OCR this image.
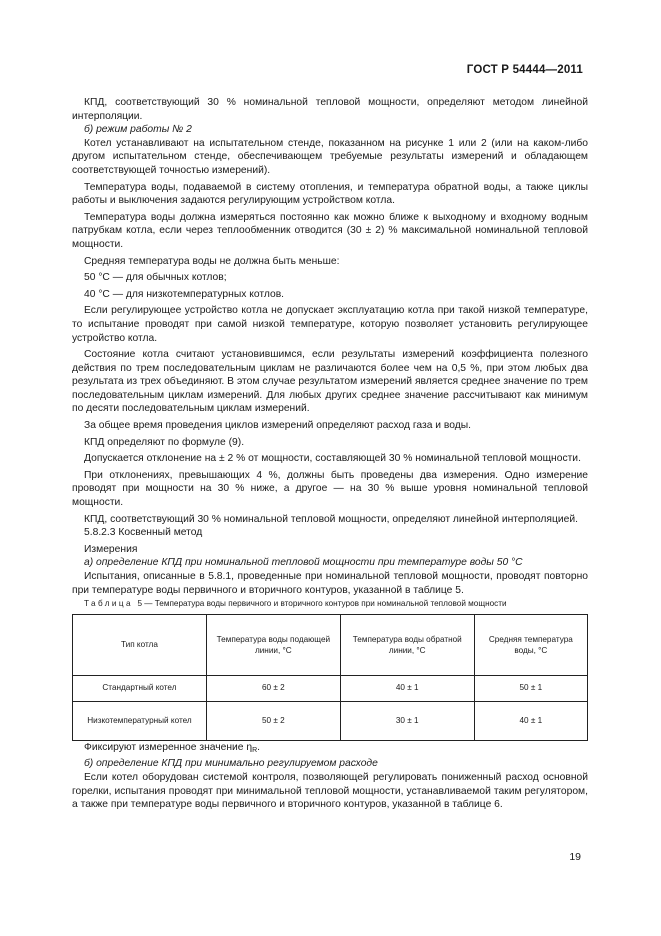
ГОСТ Р 54444—2011

КПД, соответствующий 30 % номинальной тепловой мощности, определяют методом линейной интерполяции.

б) режим работы № 2

Котел устанавливают на испытательном стенде, показанном на рисунке 1 или 2 (или на каком-либо другом испытательном стенде, обеспечивающем требуемые результаты измерений и обладающем соответствующей точностью измерений).

Температура воды, подаваемой в систему отопления, и температура обратной воды, а также циклы работы и выключения задаются регулирующим устройством котла.

Температура воды должна измеряться постоянно как можно ближе к выходному и входному водным патрубкам котла, если через теплообменник отводится (30 ± 2) % максимальной номинальной тепловой мощности.

Средняя температура воды не должна быть меньше:

50 °С — для обычных котлов;

40 °С — для низкотемпературных котлов.

Если регулирующее устройство котла не допускает эксплуатацию котла при такой низкой температуре, то испытание проводят при самой низкой температуре, которую позволяет установить регулирующее устройство котла.

Состояние котла считают установившимся, если результаты измерений коэффициента полезного действия по трем последовательным циклам не различаются более чем на 0,5 %, при этом любых два результата из трех объединяют. В этом случае результатом измерений является среднее значение по трем последовательным циклам измерений. Для любых других среднее значение рассчитывают как минимум по десяти последовательным циклам измерений.

За общее время проведения циклов измерений определяют расход газа и воды.

КПД определяют по формуле (9).

Допускается отклонение на ± 2 % от мощности, составляющей 30 % номинальной тепловой мощности.

При отклонениях, превышающих 4 %, должны быть проведены два измерения. Одно измерение проводят при мощности на 30 % ниже, а другое — на 30 % выше уровня номинальной тепловой мощности.

КПД, соответствующий 30 % номинальной тепловой мощности, определяют линейной интерполяцией.

5.8.2.3 Косвенный метод

Измерения

а) определение КПД при номинальной тепловой мощности при температуре воды 50 °С

Испытания, описанные в 5.8.1, проведенные при номинальной тепловой мощности, проводят повторно при температуре воды первичного и вторичного контуров, указанной в таблице 5.

Таблица 5 — Температура воды первичного и вторичного контуров при номинальной тепловой мощности

Тип котла	Температура воды подающей линии, °С	Температура воды обратной линии, °С	Средняя температура воды, °С
Стандартный котел	60 ± 2	40 ± 1	50 ± 1
Низкотемпературный котел	50 ± 2	30 ± 1	40 ± 1

Фиксируют измеренное значение $\eta_R$.

б) определение КПД при минимально регулируемом расходе

Если котел оборудован системой контроля, позволяющей регулировать пониженный расход основной горелки, испытания проводят при минимальной тепловой мощности, устанавливаемой таким регулятором, а также при температуре воды первичного и вторичного контуров, указанной в таблице 6.

19
